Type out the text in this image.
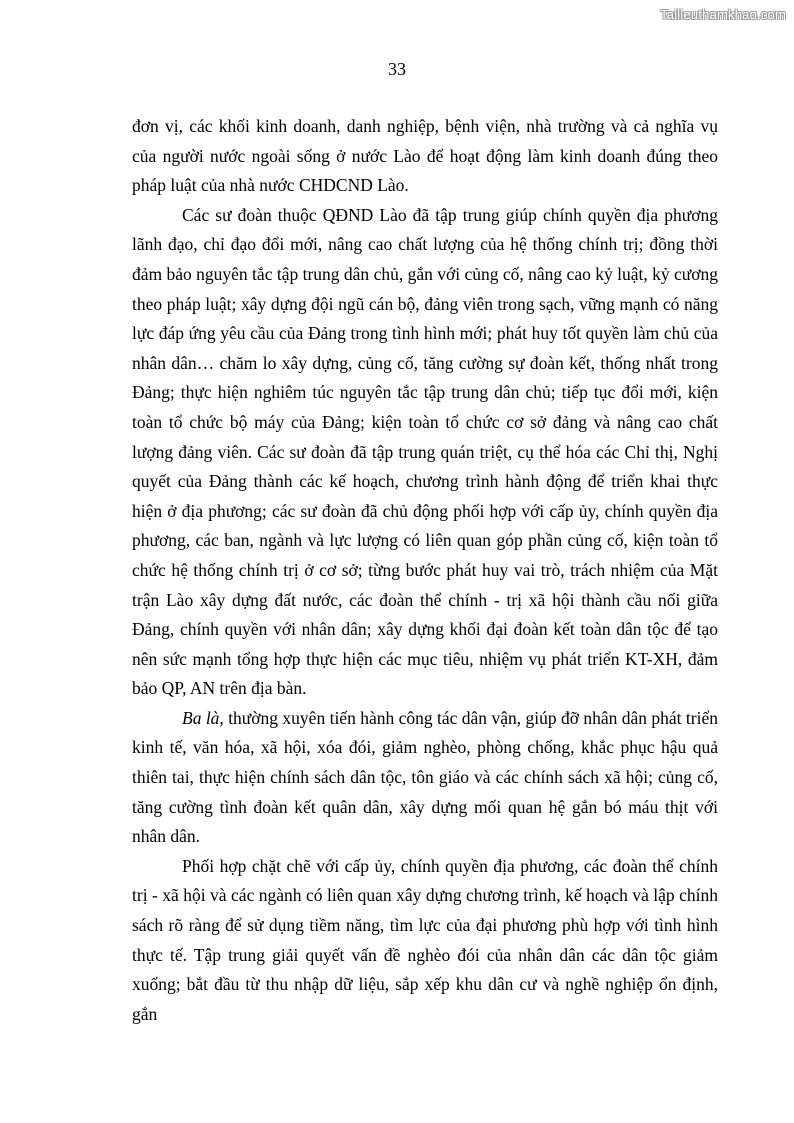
Tailieuthamkhao.com
33

đơn vị, các khối kinh doanh, danh nghiệp, bệnh viện, nhà trường và cả nghĩa vụ của người nước ngoài sống ở nước Lào để hoạt động làm kinh doanh đúng theo pháp luật của nhà nước CHDCND Lào.

Các sư đoàn thuộc QĐND Lào đã tập trung giúp chính quyền địa phương lãnh đạo, chỉ đạo đổi mới, nâng cao chất lượng của hệ thống chính trị; đồng thời đảm bảo nguyên tắc tập trung dân chủ, gắn với củng cố, nâng cao kỷ luật, kỷ cương theo pháp luật; xây dựng đội ngũ cán bộ, đảng viên trong sạch, vững mạnh có năng lực đáp ứng yêu cầu của Đảng trong tình hình mới; phát huy tốt quyền làm chủ của nhân dân… chăm lo xây dựng, củng cố, tăng cường sự đoàn kết, thống nhất trong Đảng; thực hiện nghiêm túc nguyên tắc tập trung dân chủ; tiếp tục đổi mới, kiện toàn tổ chức bộ máy của Đảng; kiện toàn tổ chức cơ sở đảng và nâng cao chất lượng đảng viên. Các sư đoàn đã tập trung quán triệt, cụ thể hóa các Chỉ thị, Nghị quyết của Đảng thành các kế hoạch, chương trình hành động để triển khai thực hiện ở địa phương; các sư đoàn đã chủ động phối hợp với cấp ủy, chính quyền địa phương, các ban, ngành và lực lượng có liên quan góp phần củng cố, kiện toàn tổ chức hệ thống chính trị ở cơ sở; từng bước phát huy vai trò, trách nhiệm của Mặt trận Lào xây dựng đất nước, các đoàn thể chính - trị xã hội thành cầu nối giữa Đảng, chính quyền với nhân dân; xây dựng khối đại đoàn kết toàn dân tộc để tạo nên sức mạnh tổng hợp thực hiện các mục tiêu, nhiệm vụ phát triển KT-XH, đảm bảo QP, AN trên địa bàn.

Ba là, thường xuyên tiến hành công tác dân vận, giúp đỡ nhân dân phát triển kinh tế, văn hóa, xã hội, xóa đói, giảm nghèo, phòng chống, khắc phục hậu quả thiên tai, thực hiện chính sách dân tộc, tôn giáo và các chính sách xã hội; củng cố, tăng cường tình đoàn kết quân dân, xây dựng mối quan hệ gắn bó máu thịt với nhân dân.

Phối hợp chặt chẽ với cấp ủy, chính quyền địa phương, các đoàn thể chính trị - xã hội và các ngành có liên quan xây dựng chương trình, kế hoạch và lập chính sách rõ ràng để sử dụng tiềm năng, tìm lực của đại phương phù hợp với tình hình thực tế. Tập trung giải quyết vấn đề nghèo đói của nhân dân các dân tộc giảm xuống; bắt đầu từ thu nhập dữ liệu, sắp xếp khu dân cư và nghề nghiệp ổn định, gắn
